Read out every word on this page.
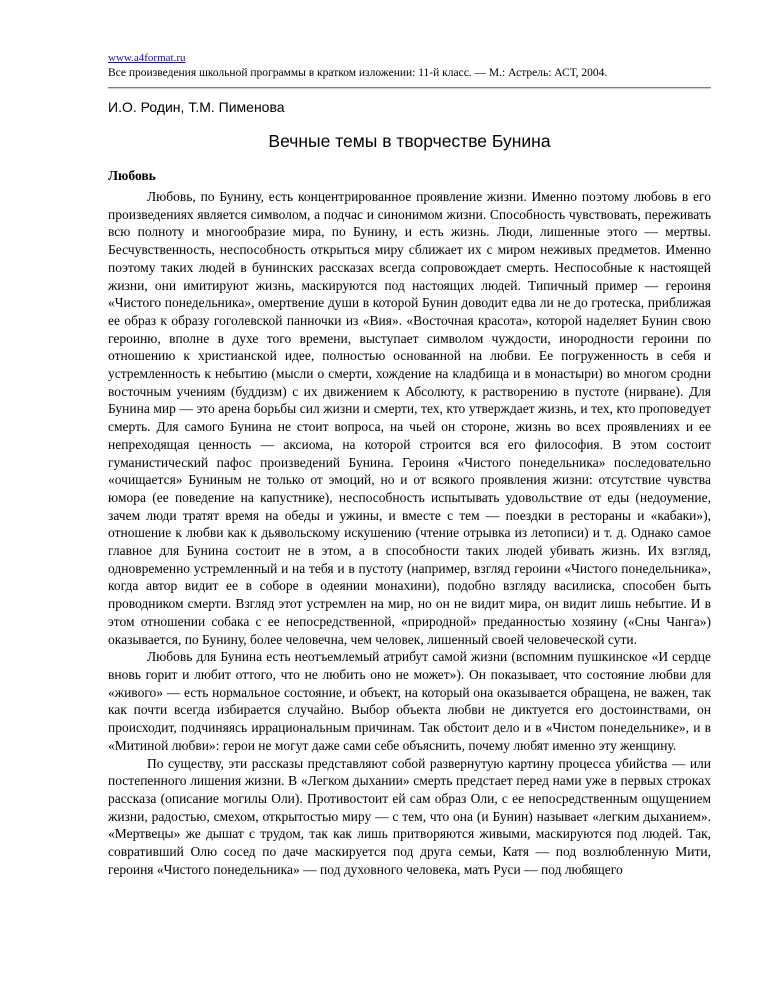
www.a4format.ru
Все произведения школьной программы в кратком изложении: 11-й класс. — М.: Астрель: АСТ, 2004.
И.О. Родин, Т.М. Пименова
Вечные темы в творчестве Бунина
Любовь

Любовь, по Бунину, есть концентрированное проявление жизни. Именно поэтому любовь в его произведениях является символом, а подчас и синонимом жизни. Способность чувствовать, переживать всю полноту и многообразие мира, по Бунину, и есть жизнь. Люди, лишенные этого — мертвы. Бесчувственность, неспособность открыться миру сближает их с миром неживых предметов. Именно поэтому таких людей в бунинских рассказах всегда сопровождает смерть. Неспособные к настоящей жизни, они имитируют жизнь, маскируются под настоящих людей. Типичный пример — героиня «Чистого понедельника», омертвение души в которой Бунин доводит едва ли не до гротеска, приближая ее образ к образу гоголевской панночки из «Вия». «Восточная красота», которой наделяет Бунин свою героиню, вполне в духе того времени, выступает символом чуждости, инородности героини по отношению к христианской идее, полностью основанной на любви. Ее погруженность в себя и устремленность к небытию (мысли о смерти, хождение на кладбища и в монастыри) во многом сродни восточным учениям (буддизм) с их движением к Абсолюту, к растворению в пустоте (нирване). Для Бунина мир — это арена борьбы сил жизни и смерти, тех, кто утверждает жизнь, и тех, кто проповедует смерть. Для самого Бунина не стоит вопроса, на чьей он стороне, жизнь во всех проявлениях и ее непреходящая ценность — аксиома, на которой строится вся его философия. В этом состоит гуманистический пафос произведений Бунина. Героиня «Чистого понедельника» последовательно «очищается» Буниным не только от эмоций, но и от всякого проявления жизни: отсутствие чувства юмора (ее поведение на капустнике), неспособность испытывать удовольствие от еды (недоумение, зачем люди тратят время на обеды и ужины, и вместе с тем — поездки в рестораны и «кабаки»), отношение к любви как к дьявольскому искушению (чтение отрывка из летописи) и т. д. Однако самое главное для Бунина состоит не в этом, а в способности таких людей убивать жизнь. Их взгляд, одновременно устремленный и на тебя и в пустоту (например, взгляд героини «Чистого понедельника», когда автор видит ее в соборе в одеянии монахини), подобно взгляду василиска, способен быть проводником смерти. Взгляд этот устремлен на мир, но он не видит мира, он видит лишь небытие. И в этом отношении собака с ее непосредственной, «природной» преданностью хозяину («Сны Чанга») оказывается, по Бунину, более человечна, чем человек, лишенный своей человеческой сути.

Любовь для Бунина есть неотъемлемый атрибут самой жизни (вспомним пушкинское «И сердце вновь горит и любит оттого, что не любить оно не может»). Он показывает, что состояние любви для «живого» — есть нормальное состояние, и объект, на который она оказывается обращена, не важен, так как почти всегда избирается случайно. Выбор объекта любви не диктуется его достоинствами, он происходит, подчиняясь иррациональным причинам. Так обстоит дело и в «Чистом понедельнике», и в «Митиной любви»: герои не могут даже сами себе объяснить, почему любят именно эту женщину.

По существу, эти рассказы представляют собой развернутую картину процесса убийства — или постепенного лишения жизни. В «Легком дыхании» смерть предстает перед нами уже в первых строках рассказа (описание могилы Оли). Противостоит ей сам образ Оли, с ее непосредственным ощущением жизни, радостью, смехом, открытостью миру — с тем, что она (и Бунин) называет «легким дыханием». «Мертвецы» же дышат с трудом, так как лишь притворяются живыми, маскируются под людей. Так, совративший Олю сосед по даче маскируется под друга семьи, Катя — под возлюбленную Мити, героиня «Чистого понедельника» — под духовного человека, мать Руси — под любящего
